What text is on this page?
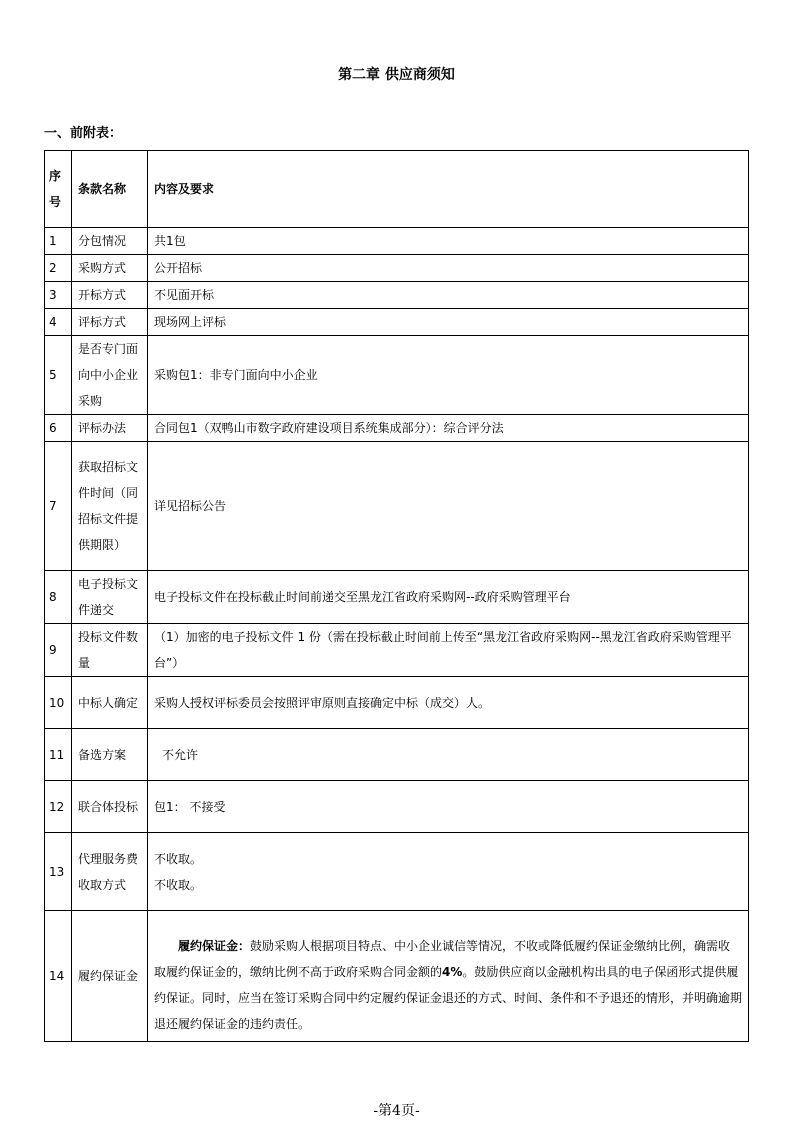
第二章 供应商须知
一、前附表：
序号	条款名称	内容及要求
1	分包情况	共1包
2	采购方式	公开招标
3	开标方式	不见面开标
4	评标方式	现场网上评标
5	是否专门面向中小企业采购	采购包1：非专门面向中小企业
6	评标办法	合同包1（双鸭山市数字政府建设项目系统集成部分）：综合评分法
7	获取招标文件时间（同招标文件提供期限）	详见招标公告
8	电子投标文件递交	电子投标文件在投标截止时间前递交至黑龙江省政府采购网--政府采购管理平台
9	投标文件数量	（1）加密的电子投标文件 1 份（需在投标截止时间前上传至“黑龙江省政府采购网--黑龙江省政府采购管理平台”）
10	中标人确定	采购人授权评标委员会按照评审原则直接确定中标（成交）人。
11	备选方案	不允许
12	联合体投标	包1： 不接受
13	代理服务费收取方式	不收取。
不收取。

14	履约保证金	履约保证金：鼓励采购人根据项目特点、中小企业诚信等情况，不收或降低履约保证金缴纳比例，确需收取履约保证金的，缴纳比例不高于政府采购合同金额的4%。鼓励供应商以金融机构出具的电子保函形式提供履约保证。同时，应当在签订采购合同中约定履约保证金退还的方式、时间、条件和不予退还的情形，并明确逾期退还履约保证金的违约责任。
-第4页-
